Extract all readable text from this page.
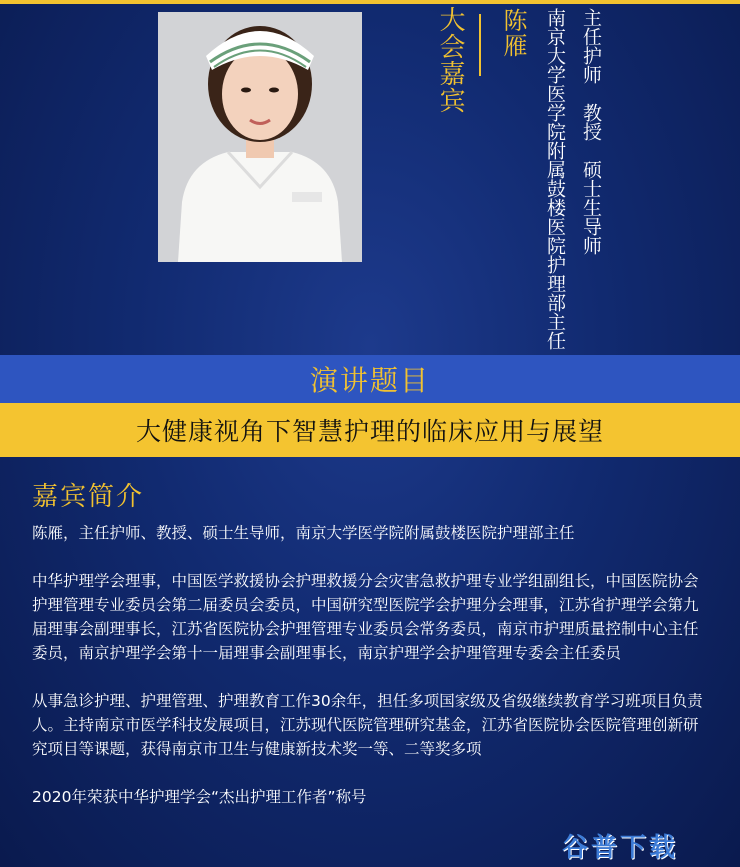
大会嘉宾 陈雁 南京大学医学院附属鼓楼医院护理部主任 主任护师　教授　硕士生导师
演讲题目
大健康视角下智慧护理的临床应用与展望
嘉宾简介

陈雁，主任护师、教授、硕士生导师，南京大学医学院附属鼓楼医院护理部主任

中华护理学会理事，中国医学救援协会护理救援分会灾害急救护理专业学组副组长，中国医院协会护理管理专业委员会第二届委员会委员，中国研究型医院学会护理分会理事，江苏省护理学会第九届理事会副理事长，江苏省医院协会护理管理专业委员会常务委员，南京市护理质量控制中心主任委员，南京护理学会第十一届理事会副理事长，南京护理学会护理管理专委会主任委员

从事急诊护理、护理管理、护理教育工作30余年，担任多项国家级及省级继续教育学习班项目负责人。主持南京市医学科技发展项目，江苏现代医院管理研究基金，江苏省医院协会医院管理创新研究项目等课题，获得南京市卫生与健康新技术奖一等、二等奖多项

2020年荣获中华护理学会“杰出护理工作者”称号

谷普下载
